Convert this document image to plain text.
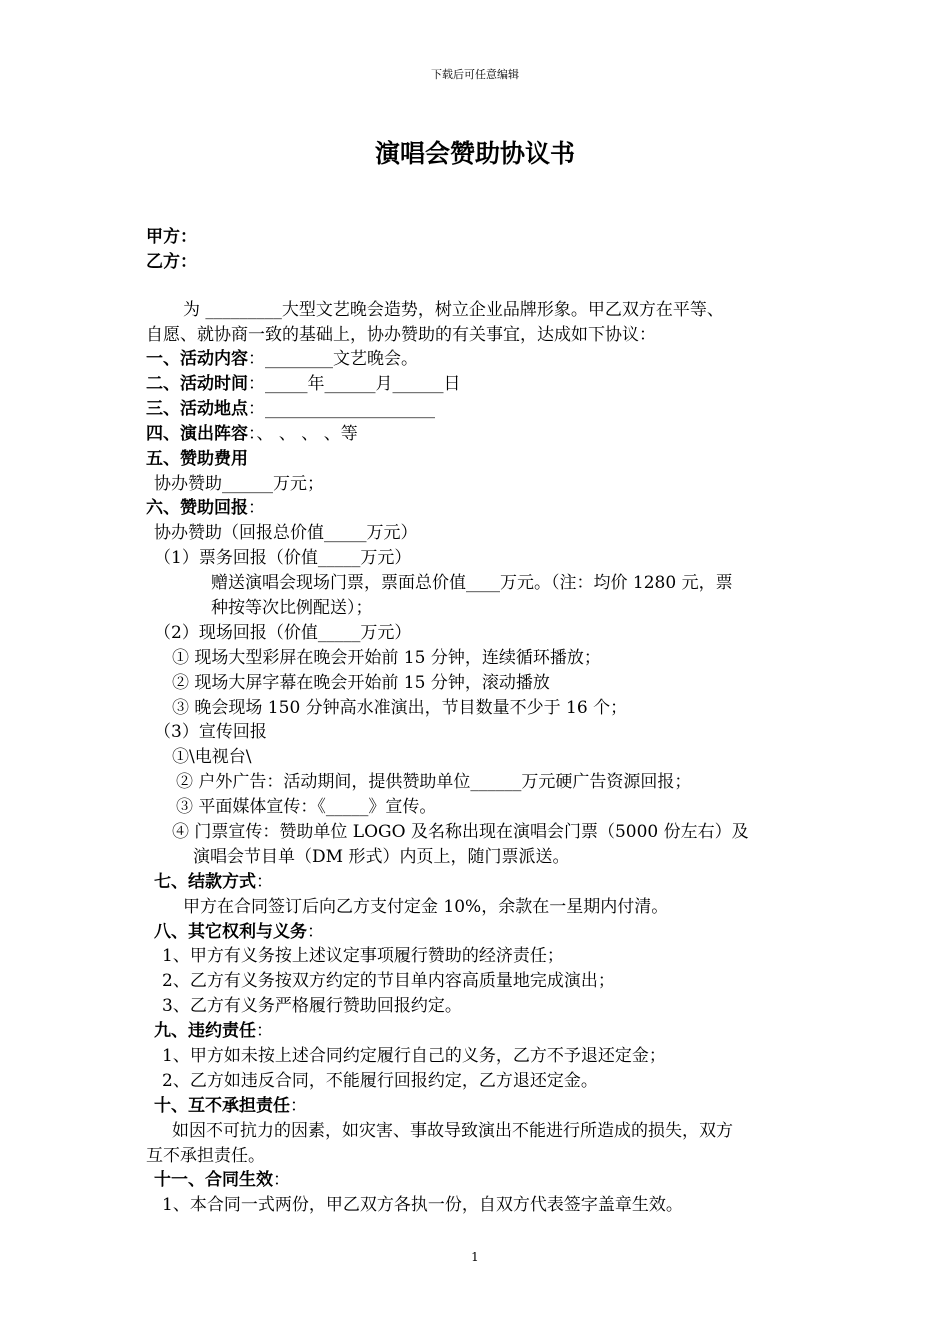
下载后可任意编辑
演唱会赞助协议书
甲方：
乙方：
为 _________大型文艺晚会造势，树立企业品牌形象。甲乙双方在平等、
自愿、就协商一致的基础上，协办赞助的有关事宜，达成如下协议：
一、活动内容：________文艺晚会。
二、活动时间：_____年______月______日
三、活动地点：____________________
四、演出阵容：、 、 、 、等
五、赞助费用
协办赞助______万元；
六、赞助回报：
协办赞助（回报总价值_____万元）
（1）票务回报（价值_____万元）
赠送演唱会现场门票，票面总价值____万元。（注：均价 1280 元，票
种按等次比例配送）；
（2）现场回报（价值_____万元）
① 现场大型彩屏在晚会开始前 15 分钟，连续循环播放；
② 现场大屏字幕在晚会开始前 15 分钟，滚动播放
③ 晚会现场 150 分钟高水准演出，节目数量不少于 16 个；
（3）宣传回报
①\电视台\
② 户外广告：活动期间，提供赞助单位______万元硬广告资源回报；
③ 平面媒体宣传：《_____》宣传。
④ 门票宣传：赞助单位 LOGO 及名称出现在演唱会门票（5000 份左右）及
演唱会节目单（DM 形式）内页上，随门票派送。
七、结款方式：
甲方在合同签订后向乙方支付定金 10%，余款在一星期内付清。
八、其它权利与义务：
1、甲方有义务按上述议定事项履行赞助的经济责任；
2、乙方有义务按双方约定的节目单内容高质量地完成演出；
3、乙方有义务严格履行赞助回报约定。
九、违约责任：
1、甲方如未按上述合同约定履行自己的义务，乙方不予退还定金；
2、乙方如违反合同，不能履行回报约定，乙方退还定金。
十、互不承担责任：
如因不可抗力的因素，如灾害、事故导致演出不能进行所造成的损失，双方
互不承担责任。
十一、合同生效：
1、本合同一式两份，甲乙双方各执一份，自双方代表签字盖章生效。
1
